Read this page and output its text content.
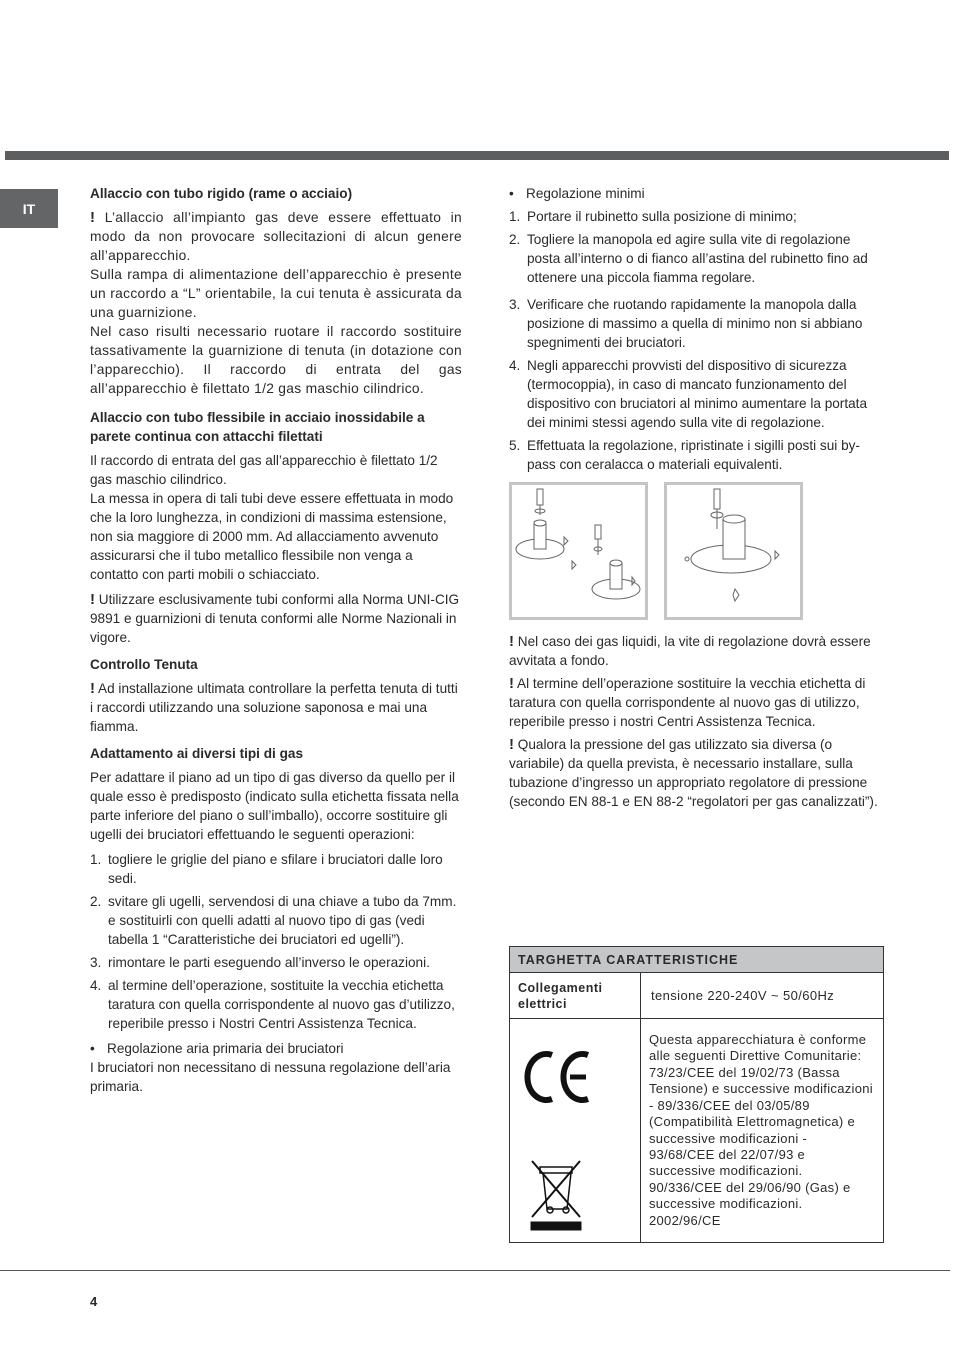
IT
Allaccio con tubo rigido (rame o acciaio)
! L’allaccio all’impianto gas deve essere effettuato in modo da non provocare sollecitazioni di alcun genere all’apparecchio.
Sulla rampa di alimentazione dell’apparecchio è presente un raccordo a “L” orientabile, la cui tenuta è assicurata da una guarnizione.
Nel caso risulti necessario ruotare il raccordo sostituire tassativamente la guarnizione di tenuta (in dotazione con l’apparecchio). Il raccordo di entrata del gas all’apparecchio è filettato 1/2 gas maschio cilindrico.
Allaccio con tubo flessibile in acciaio inossidabile a parete continua con attacchi filettati
Il raccordo di entrata del gas all’apparecchio è filettato 1/2 gas maschio cilindrico.
La messa in opera di tali tubi deve essere effettuata in modo che la loro lunghezza, in condizioni di massima estensione, non sia maggiore di 2000 mm. Ad allacciamento avvenuto assicurarsi che il tubo metallico flessibile non venga a contatto con parti mobili o schiacciato.
! Utilizzare esclusivamente tubi conformi alla Norma UNI-CIG 9891 e guarnizioni di tenuta conformi alle Norme Nazionali in vigore.
Controllo Tenuta
! Ad installazione ultimata controllare la perfetta tenuta di tutti i raccordi utilizzando una soluzione saponosa e mai una fiamma.
Adattamento ai diversi tipi di gas
Per adattare il piano ad un tipo di gas diverso da quello per il quale esso è predisposto (indicato sulla etichetta fissata nella parte inferiore del piano o sull’imballo), occorre sostituire gli ugelli dei bruciatori effettuando le seguenti operazioni:
1. togliere le griglie del piano e sfilare i bruciatori dalle loro sedi.
2. svitare gli ugelli, servendosi di una chiave a tubo da 7mm. e sostituirli con quelli adatti al nuovo tipo di gas (vedi tabella 1 “Caratteristiche dei bruciatori ed ugelli”).
3. rimontare le parti eseguendo all’inverso le operazioni.
4. al termine dell’operazione, sostituite la vecchia etichetta taratura con quella corrispondente al nuovo gas d’utilizzo, reperibile presso i Nostri Centri Assistenza Tecnica.
• Regolazione aria primaria dei bruciatori
I bruciatori non necessitano di nessuna regolazione dell’aria primaria.
• Regolazione minimi
1. Portare il rubinetto sulla posizione di minimo;
2. Togliere la manopola ed agire sulla vite di regolazione posta all’interno o di fianco all’astina del rubinetto fino ad ottenere una piccola fiamma regolare.
3. Verificare che ruotando rapidamente la manopola dalla posizione di massimo a quella di minimo non si abbiano spegnimenti dei bruciatori.
4. Negli apparecchi provvisti del dispositivo di sicurezza (termocoppia), in caso di mancato funzionamento del dispositivo con bruciatori al minimo aumentare la portata dei minimi stessi agendo sulla vite di regolazione.
5. Effettuata la regolazione, ripristinate i sigilli posti sui by-pass con ceralacca o materiali equivalenti.
! Nel caso dei gas liquidi, la vite di regolazione dovrà essere avvitata a fondo.
! Al termine dell’operazione sostituire la vecchia etichetta di taratura con quella corrispondente al nuovo gas di utilizzo, reperibile presso i nostri Centri Assistenza Tecnica.
! Qualora la pressione del gas utilizzato sia diversa (o variabile) da quella prevista, è necessario installare, sulla tubazione d’ingresso un appropriato regolatore di pressione (secondo EN 88-1 e EN 88-2 “regolatori per gas canalizzati”).
TARGHETTA CARATTERISTICHE	
Collegamenti elettrici	tensione 220-240V ~ 50/60Hz
	Questa apparecchiatura è conforme alle seguenti Direttive Comunitarie: 73/23/CEE del 19/02/73 (Bassa Tensione) e successive modificazioni - 89/336/CEE del 03/05/89 (Compatibilità Elettromagnetica) e successive modificazioni - 93/68/CEE del 22/07/93 e successive modificazioni. 90/336/CEE del 29/06/90 (Gas) e successive modificazioni. 2002/96/CE
4
